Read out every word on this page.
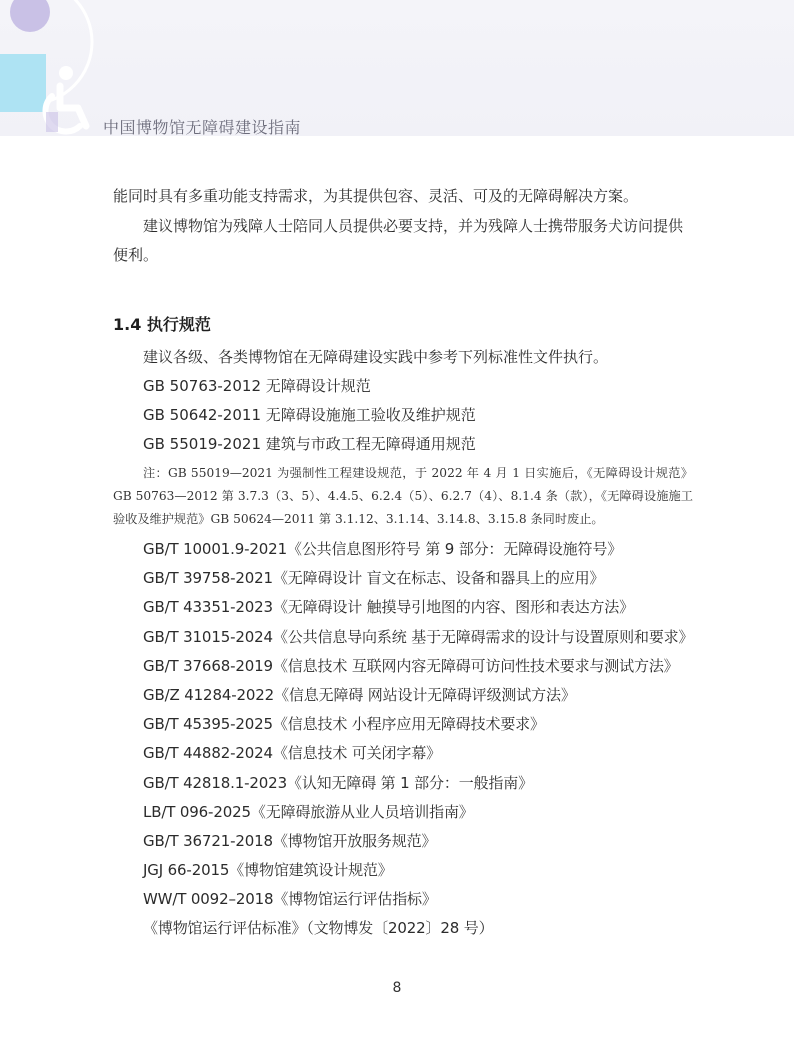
中国博物馆无障碍建设指南
能同时具有多重功能支持需求，为其提供包容、灵活、可及的无障碍解决方案。
建议博物馆为残障人士陪同人员提供必要支持，并为残障人士携带服务犬访问提供便利。
1.4 执行规范
建议各级、各类博物馆在无障碍建设实践中参考下列标准性文件执行。
GB 50763-2012 无障碍设计规范
GB 50642-2011 无障碍设施施工验收及维护规范
GB 55019-2021 建筑与市政工程无障碍通用规范
注：GB 55019—2021 为强制性工程建设规范，于 2022 年 4 月 1 日实施后，《无障碍设计规范》GB 50763—2012 第 3.7.3（3、5）、4.4.5、6.2.4（5）、6.2.7（4）、8.1.4 条（款），《无障碍设施施工验收及维护规范》GB 50624—2011 第 3.1.12、3.1.14、3.14.8、3.15.8 条同时废止。
GB/T 10001.9-2021《公共信息图形符号 第 9 部分：无障碍设施符号》
GB/T 39758-2021《无障碍设计 盲文在标志、设备和器具上的应用》
GB/T 43351-2023《无障碍设计 触摸导引地图的内容、图形和表达方法》
GB/T 31015-2024《公共信息导向系统 基于无障碍需求的设计与设置原则和要求》
GB/T 37668-2019《信息技术 互联网内容无障碍可访问性技术要求与测试方法》
GB/Z 41284-2022《信息无障碍 网站设计无障碍评级测试方法》
GB/T 45395-2025《信息技术 小程序应用无障碍技术要求》
GB/T 44882-2024《信息技术 可关闭字幕》
GB/T 42818.1-2023《认知无障碍 第 1 部分：一般指南》
LB/T 096-2025《无障碍旅游从业人员培训指南》
GB/T 36721-2018《博物馆开放服务规范》
JGJ 66-2015《博物馆建筑设计规范》
WW/T 0092–2018《博物馆运行评估指标》
《博物馆运行评估标准》（文物博发〔2022〕28 号）
8
